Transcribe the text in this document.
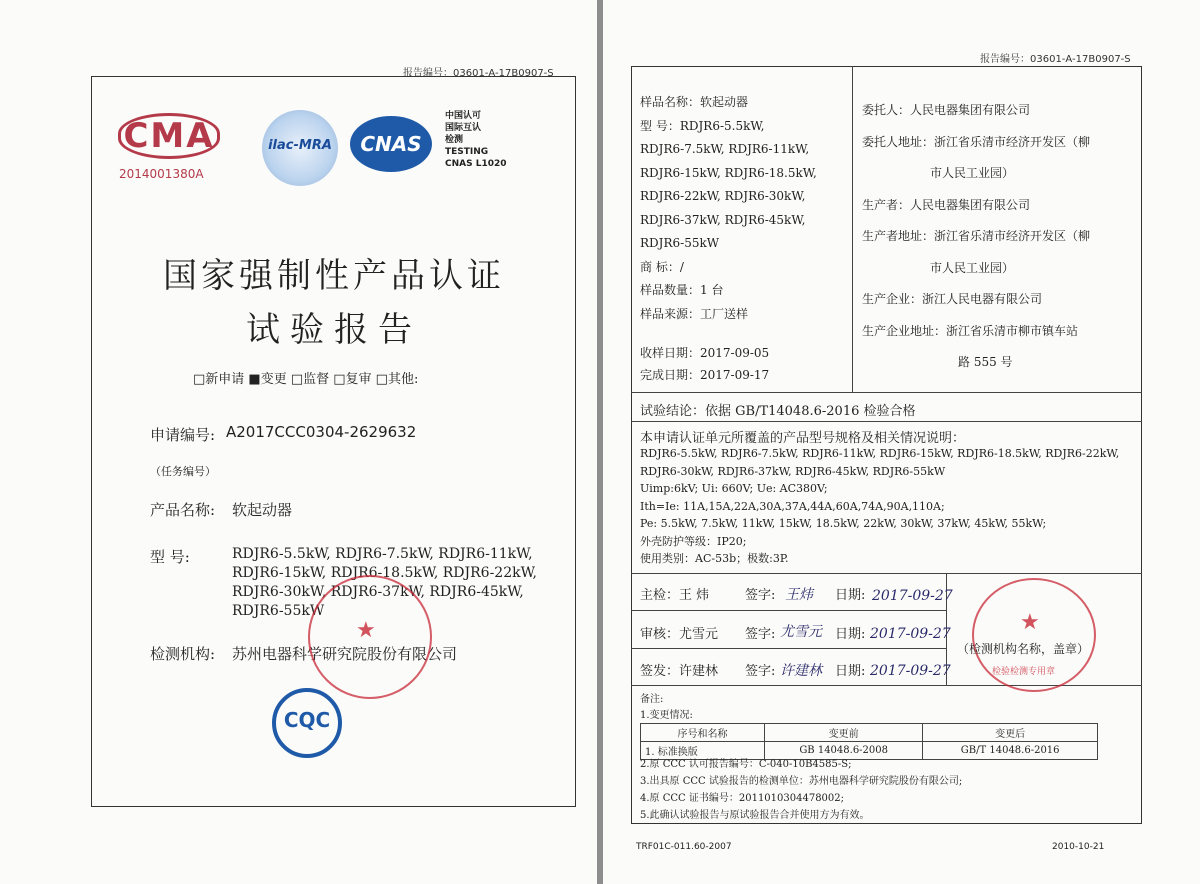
报告编号：03601-A-17B0907-S
CMA
2014001380A
ilac-MRA	CNAS
中国认可
国际互认
检测
TESTING
CNAS L1020
国家强制性产品认证
试验报告
□新申请 ■变更 □监督 □复审 □其他:
申请编号: A2017CCC0304-2629632
（任务编号）
产品名称: 软起动器
型 号:	RDJR6-5.5kW, RDJR6-7.5kW, RDJR6-11kW,
RDJR6-15kW, RDJR6-18.5kW, RDJR6-22kW,
RDJR6-30kW, RDJR6-37kW, RDJR6-45kW,
RDJR6-55kW
检测机构: 苏州电器科学研究院股份有限公司
★
CQC
报告编号：03601-A-17B0907-S
样品名称：软起动器
型 号：RDJR6-5.5kW,
RDJR6-7.5kW, RDJR6-11kW,
RDJR6-15kW, RDJR6-18.5kW,
RDJR6-22kW, RDJR6-30kW,
RDJR6-37kW, RDJR6-45kW,
RDJR6-55kW
商 标：/
样品数量：1 台
样品来源：工厂送样
收样日期：2017-09-05
完成日期：2017-09-17
委托人：人民电器集团有限公司
委托人地址：浙江省乐清市经济开发区（柳
市人民工业园）
生产者：人民电器集团有限公司
生产者地址：浙江省乐清市经济开发区（柳
市人民工业园）
生产企业：浙江人民电器有限公司
生产企业地址：浙江省乐清市柳市镇车站
路 555 号
试验结论：依据 GB/T14048.6-2016 检验合格
本申请认证单元所覆盖的产品型号规格及相关情况说明：
RDJR6-5.5kW, RDJR6-7.5kW, RDJR6-11kW, RDJR6-15kW, RDJR6-18.5kW, RDJR6-22kW,
RDJR6-30kW, RDJR6-37kW, RDJR6-45kW, RDJR6-55kW
Uimp:6kV; Ui: 660V; Ue: AC380V;
Ith=Ie: 11A,15A,22A,30A,37A,44A,60A,74A,90A,110A;
Pe: 5.5kW, 7.5kW, 11kW, 15kW, 18.5kW, 22kW, 30kW, 37kW, 45kW, 55kW;
外壳防护等级：IP20;
使用类别：AC-53b；极数:3P.
主检：王 炜	签字: 王炜 日期: 2017-09-27
审核：尤雪元 签字: 尤雪元 日期: 2017-09-27
签发：许建林 签字: 许建林 日期: 2017-09-27
★
检验检测专用章
（检测机构名称，盖章）
备注:
1.变更情况:
序号和名称	变更前	变更后
1. 标准换版	GB 14048.6-2008	GB/T 14048.6-2016
2.原 CCC 认可报告编号：C-040-10B4585-S;
3.出具原 CCC 试验报告的检测单位：苏州电器科学研究院股份有限公司;
4.原 CCC 证书编号：2011010304478002;
5.此确认试验报告与原试验报告合并使用方为有效。
TRF01C-011.60-2007	2010-10-21
